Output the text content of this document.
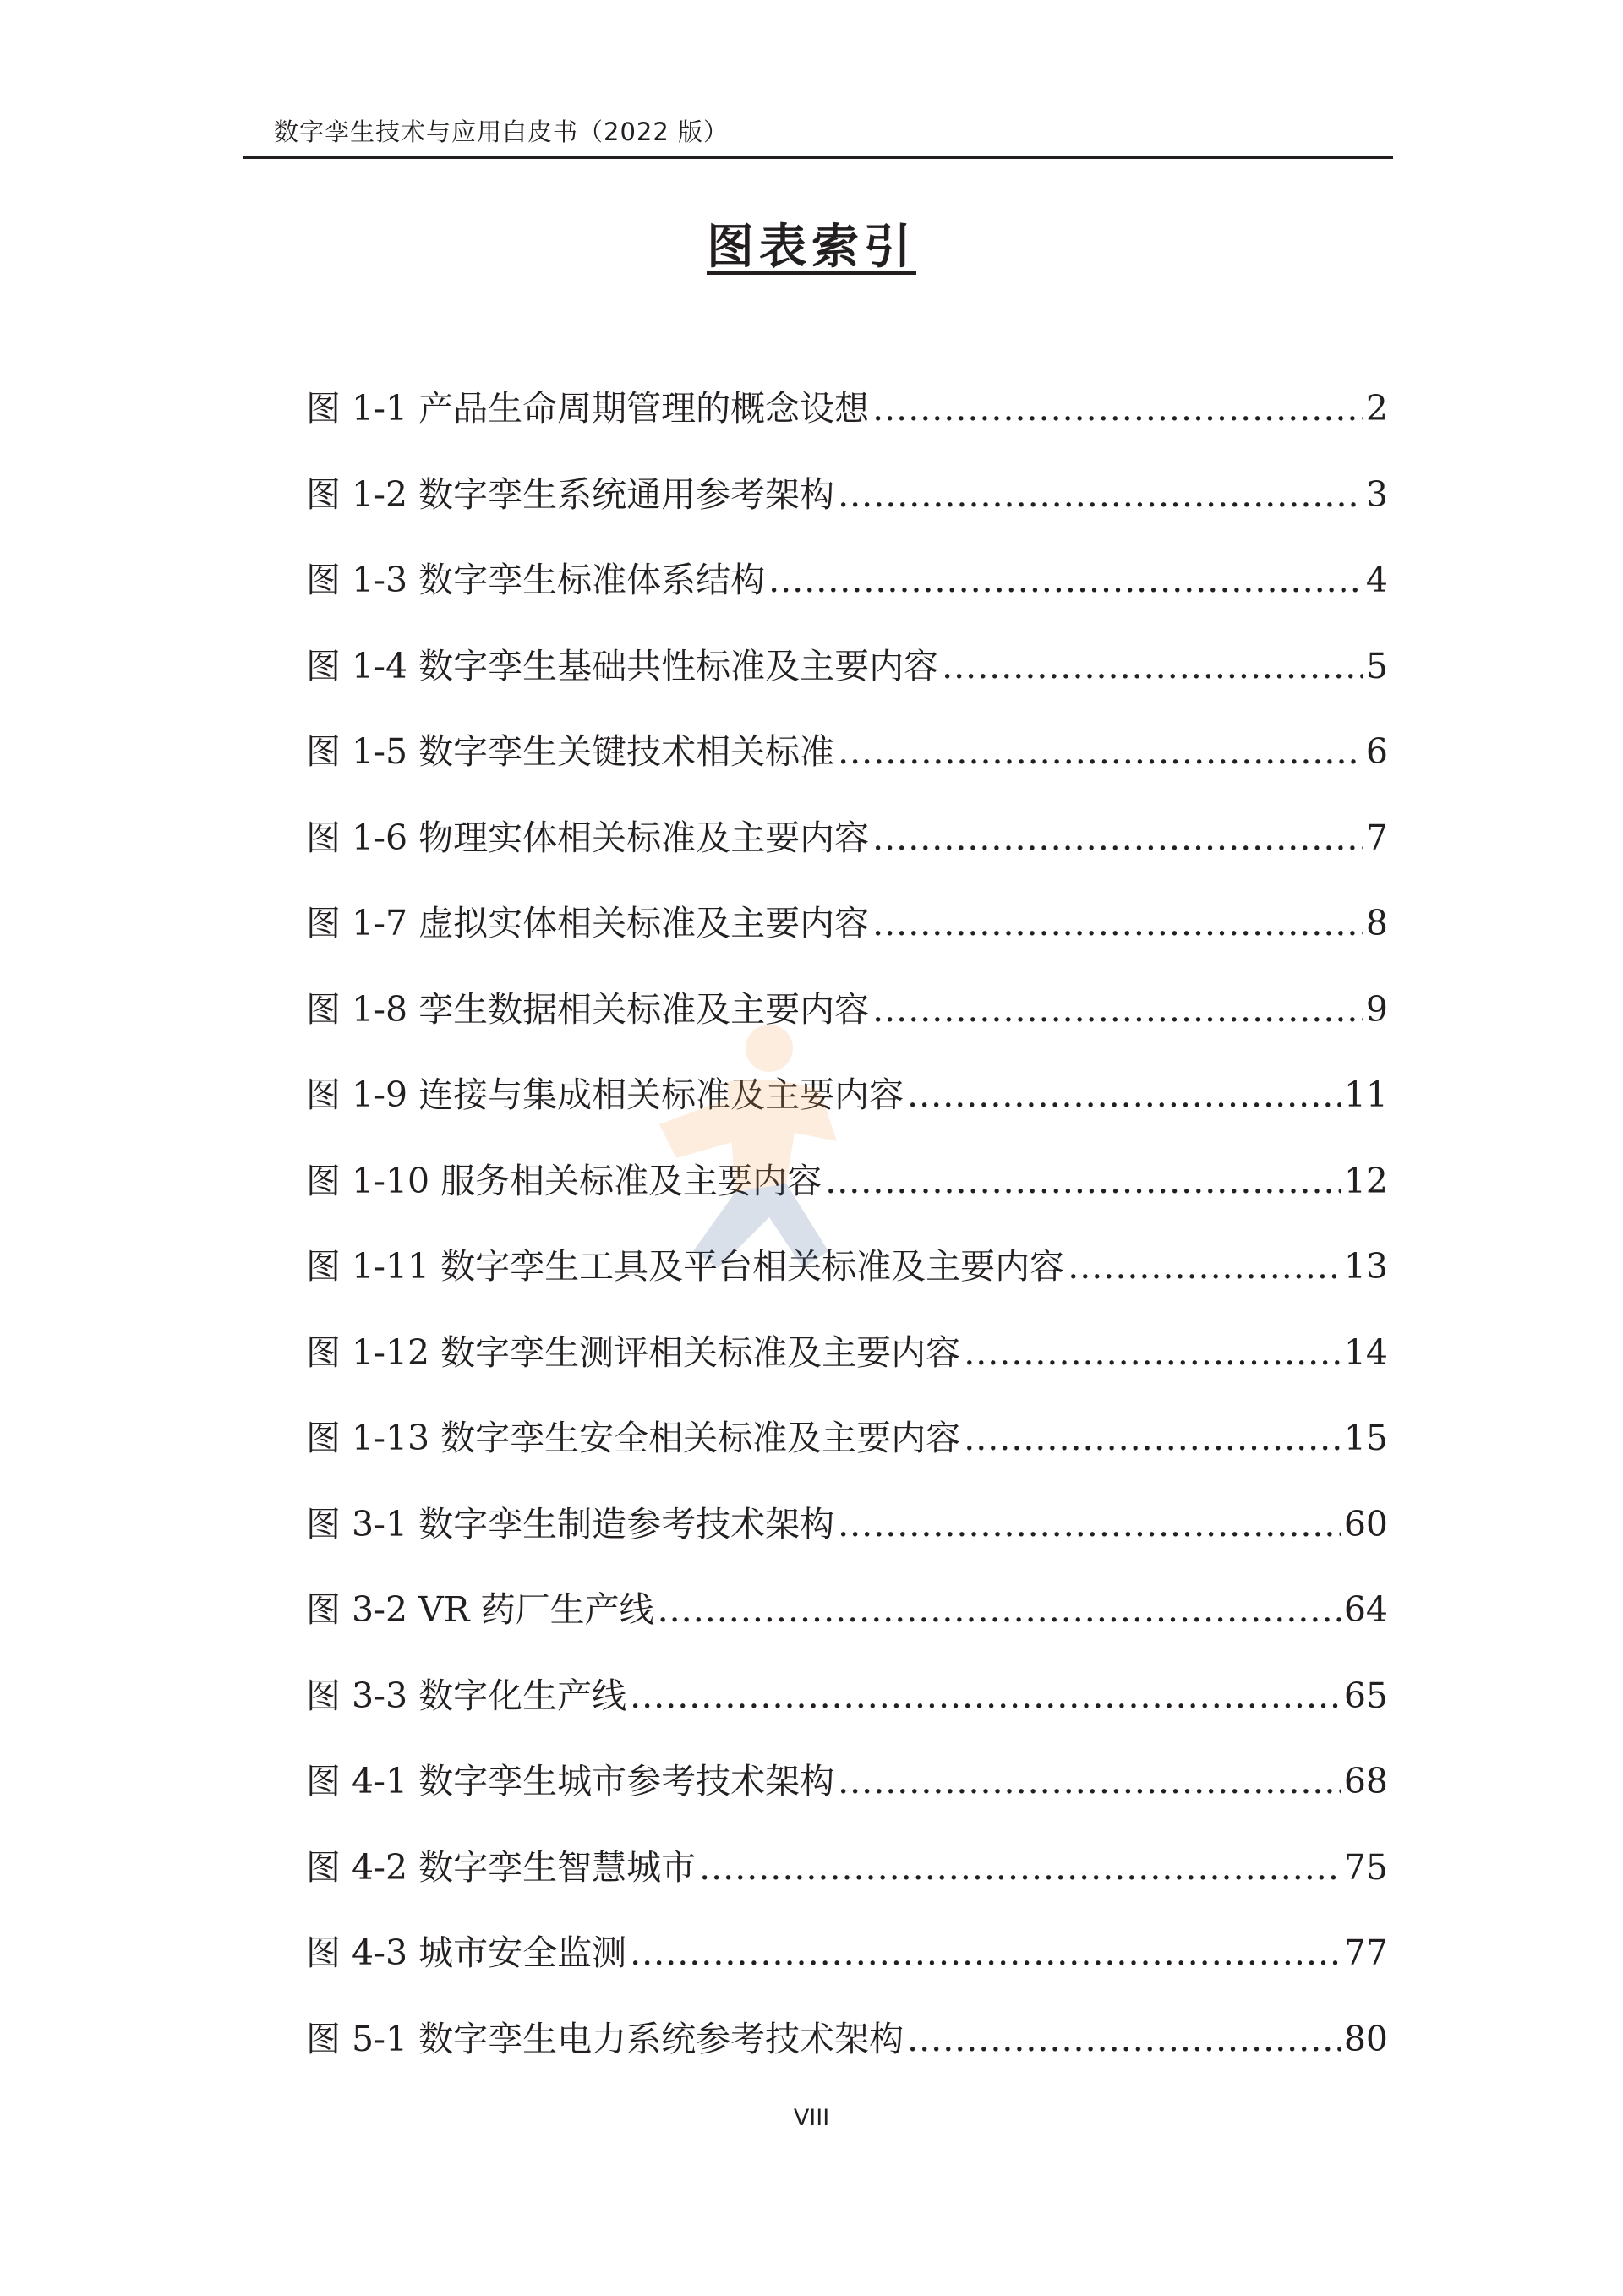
数字孪生技术与应用白皮书（2022 版）
图表索引
图 1-1 产品生命周期管理的概念设想 .....	2
图 1-2 数字孪生系统通用参考架构 .....	3
图 1-3 数字孪生标准体系结构 .....	4
图 1-4 数字孪生基础共性标准及主要内容 .....	5
图 1-5 数字孪生关键技术相关标准 .....	6
图 1-6 物理实体相关标准及主要内容 .....	7
图 1-7 虚拟实体相关标准及主要内容 .....	8
图 1-8 孪生数据相关标准及主要内容 .....	9
图 1-9 连接与集成相关标准及主要内容 .....	11
图 1-10 服务相关标准及主要内容 .....	12
图 1-11 数字孪生工具及平台相关标准及主要内容 .....	13
图 1-12 数字孪生测评相关标准及主要内容 .....	14
图 1-13 数字孪生安全相关标准及主要内容 .....	15
图 3-1 数字孪生制造参考技术架构 .....	60
图 3-2 VR 药厂生产线 .....	64
图 3-3 数字化生产线 .....	65
图 4-1 数字孪生城市参考技术架构 .....	68
图 4-2 数字孪生智慧城市 .....	75
图 4-3 城市安全监测 .....	77
图 5-1 数字孪生电力系统参考技术架构 .....	80
VIII
